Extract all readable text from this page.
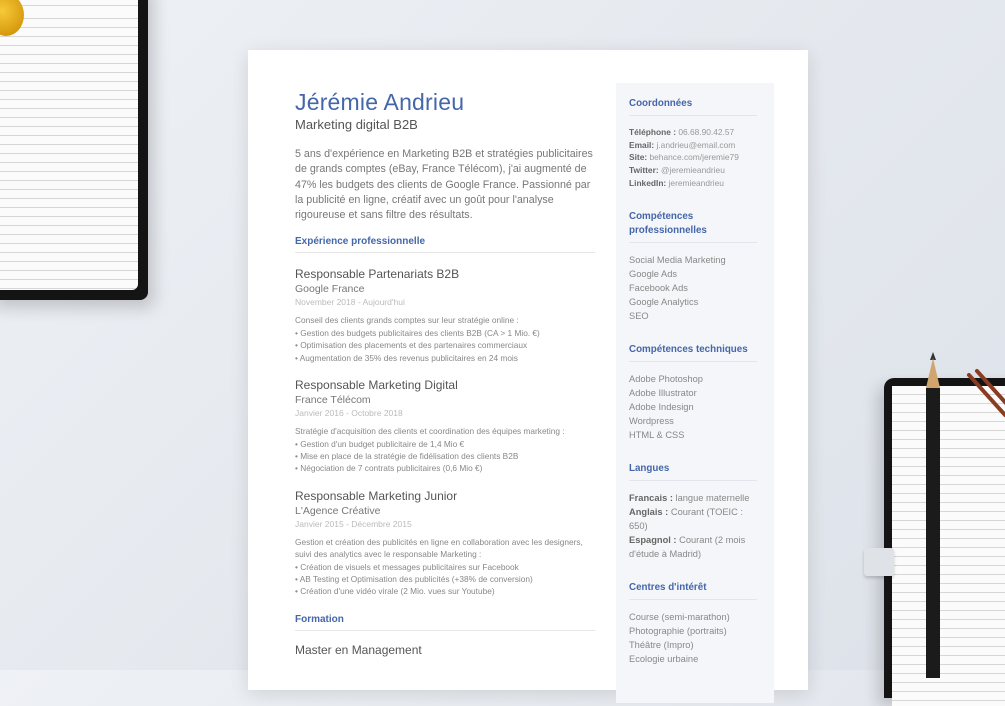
Jérémie Andrieu
Marketing digital B2B
5 ans d'expérience en Marketing B2B et stratégies publicitaires de grands comptes (eBay, France Télécom), j'ai augmenté de 47% les budgets des clients de Google France. Passionné par la publicité en ligne, créatif avec un goût pour l'analyse rigoureuse et sans filtre des résultats.
Expérience professionnelle
Responsable Partenariats B2B
Google France
November 2018 - Aujourd'hui
Conseil des clients grands comptes sur leur stratégie online :
• Gestion des budgets publicitaires des clients B2B (CA > 1 Mio. €)
• Optimisation des placements et des partenaires commerciaux
• Augmentation de 35% des revenus publicitaires en 24 mois
Responsable Marketing Digital
France Télécom
Janvier 2016 - Octobre 2018
Stratégie d'acquisition des clients et coordination des équipes marketing :
• Gestion d'un budget publicitaire de 1,4 Mio €
• Mise en place de la stratégie de fidélisation des clients B2B
• Négociation de 7 contrats publicitaires (0,6 Mio €)
Responsable Marketing Junior
L'Agence Créative
Janvier 2015 - Décembre 2015
Gestion et création des publicités en ligne en collaboration avec les designers, suivi des analytics avec le responsable Marketing :
• Création de visuels et messages publicitaires sur Facebook
• AB Testing et Optimisation des publicités (+38% de conversion)
• Création d'une vidéo virale (2 Mio. vues sur Youtube)
Formation
Master en Management
Coordonnées
Téléphone : 06.68.90.42.57
Email: j.andrieu@email.com
Site: behance.com/jeremie79
Twitter: @jeremieandrieu
LinkedIn: jeremieandrieu
Compétences professionnelles
Social Media Marketing
Google Ads
Facebook Ads
Google Analytics
SEO
Compétences techniques
Adobe Photoshop
Adobe Illustrator
Adobe Indesign
Wordpress
HTML & CSS
Langues
Francais : langue maternelle
Anglais : Courant (TOEIC : 650)
Espagnol : Courant (2 mois d'étude à Madrid)
Centres d'intérêt
Course (semi-marathon)
Photographie (portraits)
Théâtre (Impro)
Ecologie urbaine
